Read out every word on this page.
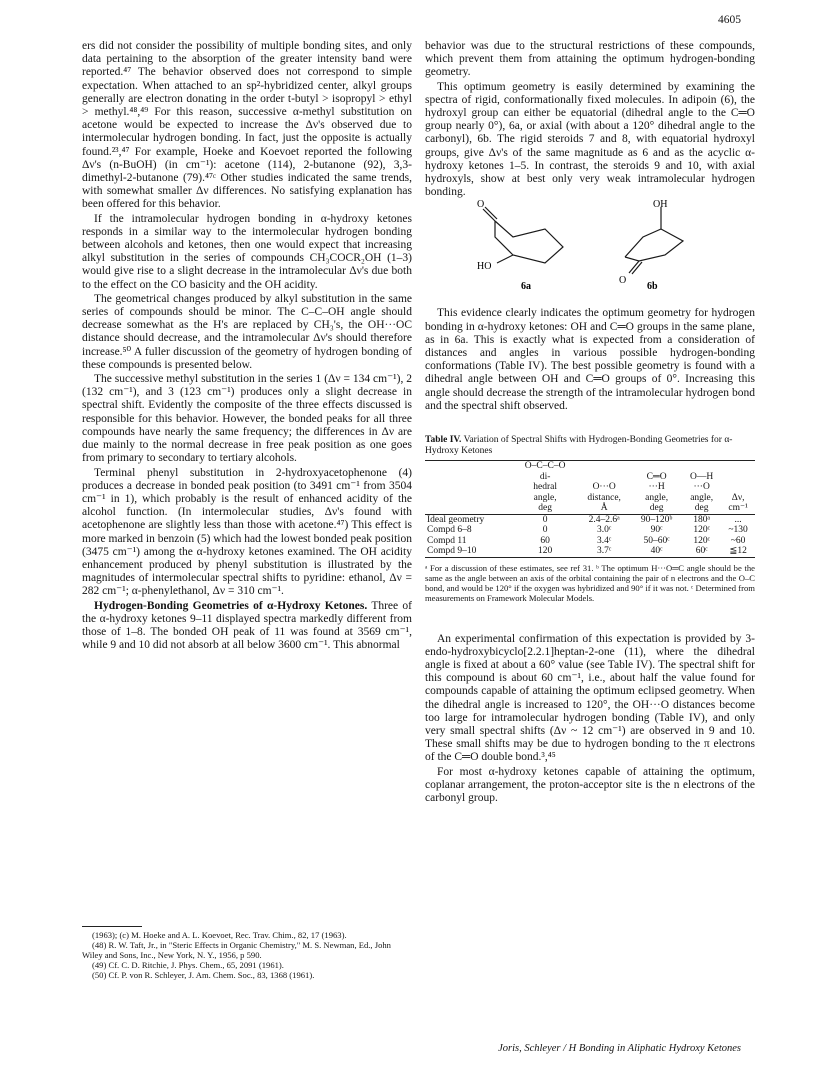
4605

ers did not consider the possibility of multiple bonding sites, and only data pertaining to the absorption of the greater intensity band were reported.⁴⁷ The behavior observed does not correspond to simple expectation. When attached to an sp²-hybridized center, alkyl groups generally are electron donating in the order t-butyl > isopropyl > ethyl > methyl.⁴⁸,⁴⁹ For this reason, successive α-methyl substitution on acetone would be expected to increase the Δν's observed due to intermolecular hydrogen bonding. In fact, just the opposite is actually found.²³,⁴⁷ For example, Hoeke and Koevoet reported the following Δν's (n-BuOH) (in cm⁻¹): acetone (114), 2-butanone (92), 3,3-dimethyl-2-butanone (79).⁴⁷ᶜ Other studies indicated the same trends, with somewhat smaller Δν differences. No satisfying explanation has been offered for this behavior.

If the intramolecular hydrogen bonding in α-hydroxy ketones responds in a similar way to the intermolecular hydrogen bonding between alcohols and ketones, then one would expect that increasing alkyl substitution in the series of compounds CH₃COCR₂OH (1–3) would give rise to a slight decrease in the intramolecular Δν's due both to the effect on the CO basicity and the OH acidity.

The geometrical changes produced by alkyl substitution in the same series of compounds should be minor. The C–C–OH angle should decrease somewhat as the H's are replaced by CH₃'s, the OH···OC distance should decrease, and the intramolecular Δν's should therefore increase.⁵⁰ A fuller discussion of the geometry of hydrogen bonding of these compounds is presented below.

The successive methyl substitution in the series 1 (Δν = 134 cm⁻¹), 2 (132 cm⁻¹), and 3 (123 cm⁻¹) produces only a slight decrease in spectral shift. Evidently the composite of the three effects discussed is responsible for this behavior. However, the bonded peaks for all three compounds have nearly the same frequency; the differences in Δν are due mainly to the normal decrease in free peak position as one goes from primary to secondary to tertiary alcohols.

Terminal phenyl substitution in 2-hydroxyacetophenone (4) produces a decrease in bonded peak position (to 3491 cm⁻¹ from 3504 cm⁻¹ in 1), which probably is the result of enhanced acidity of the alcohol function. (In intermolecular studies, Δν's found with acetophenone are slightly less than those with acetone.⁴⁷) This effect is more marked in benzoin (5) which had the lowest bonded peak position (3475 cm⁻¹) among the α-hydroxy ketones examined. The OH acidity enhancement produced by phenyl substitution is illustrated by the magnitudes of intermolecular spectral shifts to pyridine: ethanol, Δν = 282 cm⁻¹; α-phenylethanol, Δν = 310 cm⁻¹.

Hydrogen-Bonding Geometries of α-Hydroxy Ketones. Three of the α-hydroxy ketones 9–11 displayed spectra markedly different from those of 1–8. The bonded OH peak of 11 was found at 3569 cm⁻¹, while 9 and 10 did not absorb at all below 3600 cm⁻¹. This abnormal

behavior was due to the structural restrictions of these compounds, which prevent them from attaining the optimum hydrogen-bonding geometry.

This optimum geometry is easily determined by examining the spectra of rigid, conformationally fixed molecules. In adipoin (6), the hydroxyl group can either be equatorial (dihedral angle to the C═O group nearly 0°), 6a, or axial (with about a 120° dihedral angle to the carbonyl), 6b. The rigid steroids 7 and 8, with equatorial hydroxyl groups, give Δν's of the same magnitude as 6 and as the acyclic α-hydroxy ketones 1–5. In contrast, the steroids 9 and 10, with axial hydroxyls, show at best only very weak intramolecular hydrogen bonding.

O
HO
6a
OH
O
6b

This evidence clearly indicates the optimum geometry for hydrogen bonding in α-hydroxy ketones: OH and C═O groups in the same plane, as in 6a. This is exactly what is expected from a consideration of distances and angles in various possible hydrogen-bonding conformations (Table IV). The best possible geometry is found with a dihedral angle between OH and C═O groups of 0°. Increasing this angle should decrease the strength of the intramolecular hydrogen bond and the spectral shift observed.

Table IV. Variation of Spectral Shifts with Hydrogen-Bonding Geometries for α-Hydroxy Ketones
	O–C–C–O				
	di-		C═O	O—H	
	hedral	O···O	···H	···O	
	angle,	distance,	angle,	angle,	Δν,
	deg	Å	deg	deg	cm⁻¹
Ideal geometry	0	2.4–2.6ᵃ	90–120ᵇ	180ᵃ	...
Compd 6–8	0	3.0ᶜ	90ᶜ	120ᶜ	~130
Compd 11	60	3.4ᶜ	50–60ᶜ	120ᶜ	~60
Compd 9–10	120	3.7ᶜ	40ᶜ	60ᶜ	≦12
ᵃ For a discussion of these estimates, see ref 31. ᵇ The optimum H···O═C angle should be the same as the angle between an axis of the orbital containing the pair of n electrons and the O–C bond, and would be 120° if the oxygen was hybridized and 90° if it was not. ᶜ Determined from measurements on Framework Molecular Models.

An experimental confirmation of this expectation is provided by 3-endo-hydroxybicyclo[2.2.1]heptan-2-one (11), where the dihedral angle is fixed at about a 60° value (see Table IV). The spectral shift for this compound is about 60 cm⁻¹, i.e., about half the value found for compounds capable of attaining the optimum eclipsed geometry. When the dihedral angle is increased to 120°, the OH···O distances become too large for intramolecular hydrogen bonding (Table IV), and only very small spectral shifts (Δν ~ 12 cm⁻¹) are observed in 9 and 10. These small shifts may be due to hydrogen bonding to the π electrons of the C═O double bond.³,⁴⁵

For most α-hydroxy ketones capable of attaining the optimum, coplanar arrangement, the proton-acceptor site is the n electrons of the carbonyl group.

(1963); (c) M. Hoeke and A. L. Koevoet, Rec. Trav. Chim., 82, 17 (1963).

(48) R. W. Taft, Jr., in "Steric Effects in Organic Chemistry," M. S. Newman, Ed., John Wiley and Sons, Inc., New York, N. Y., 1956, p 590.

(49) Cf. C. D. Ritchie, J. Phys. Chem., 65, 2091 (1961).

(50) Cf. P. von R. Schleyer, J. Am. Chem. Soc., 83, 1368 (1961).

Joris, Schleyer / H Bonding in Aliphatic Hydroxy Ketones
